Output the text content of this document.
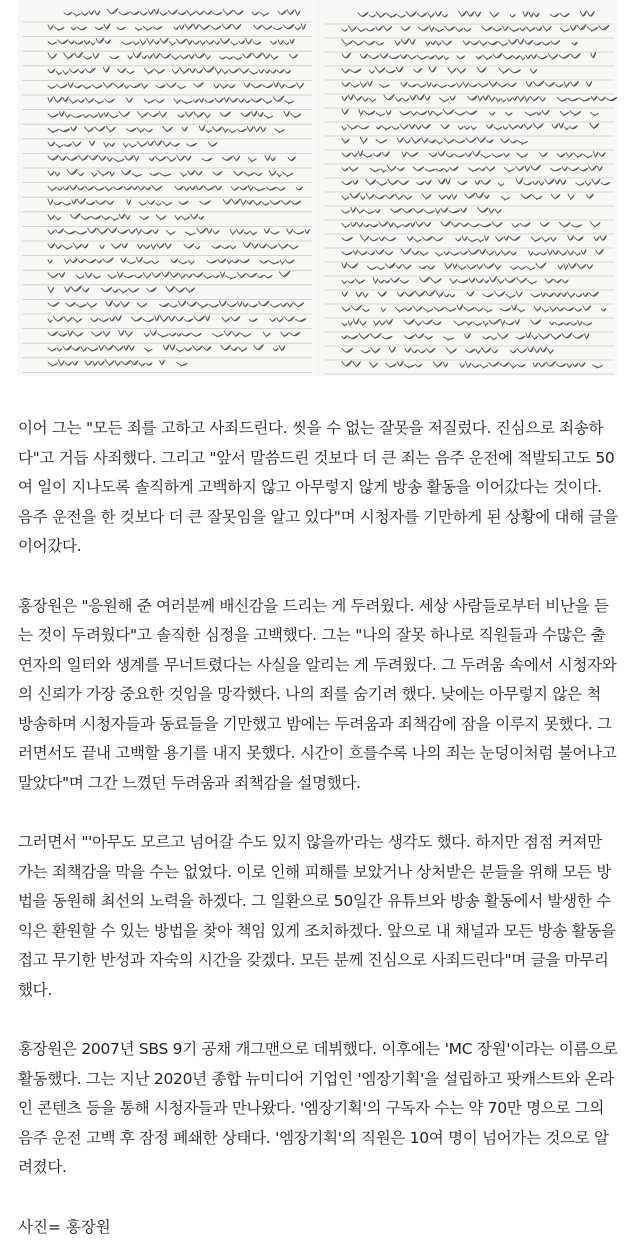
이어 그는 "모든 죄를 고하고 사죄드린다. 씻을 수 없는 잘못을 저질렀다. 진심으로 죄송하다"고 거듭 사죄했다. 그리고 "앞서 말씀드린 것보다 더 큰 죄는 음주 운전에 적발되고도 50여 일이 지나도록 솔직하게 고백하지 않고 아무렇지 않게 방송 활동을 이어갔다는 것이다. 음주 운전을 한 것보다 더 큰 잘못임을 알고 있다"며 시청자를 기만하게 된 상황에 대해 글을 이어갔다.

홍장원은 "응원해 준 여러분께 배신감을 드리는 게 두려웠다. 세상 사람들로부터 비난을 듣는 것이 두려웠다"고 솔직한 심정을 고백했다. 그는 "나의 잘못 하나로 직원들과 수많은 출연자의 일터와 생계를 무너트렸다는 사실을 알리는 게 두려웠다. 그 두려움 속에서 시청자와의 신뢰가 가장 중요한 것임을 망각했다. 나의 죄를 숨기려 했다. 낮에는 아무렇지 않은 척 방송하며 시청자들과 동료들을 기만했고 밤에는 두려움과 죄책감에 잠을 이루지 못했다. 그러면서도 끝내 고백할 용기를 내지 못했다. 시간이 흐를수록 나의 죄는 눈덩이처럼 불어나고 말았다"며 그간 느꼈던 두려움과 죄책감을 설명했다.

그러면서 "'아무도 모르고 넘어갈 수도 있지 않을까'라는 생각도 했다. 하지만 점점 커져만 가는 죄책감을 막을 수는 없었다. 이로 인해 피해를 보았거나 상처받은 분들을 위해 모든 방법을 동원해 최선의 노력을 하겠다. 그 일환으로 50일간 유튜브와 방송 활동에서 발생한 수익은 환원할 수 있는 방법을 찾아 책임 있게 조치하겠다. 앞으로 내 채널과 모든 방송 활동을 접고 무기한 반성과 자숙의 시간을 갖겠다. 모든 분께 진심으로 사죄드린다"며 글을 마무리했다.

홍장원은 2007년 SBS 9기 공채 개그맨으로 데뷔했다. 이후에는 'MC 장원'이라는 이름으로 활동했다. 그는 지난 2020년 종합 뉴미디어 기업인 '엠장기획'을 설립하고 팟캐스트와 온라인 콘텐츠 등을 통해 시청자들과 만나왔다. '엠장기획'의 구독자 수는 약 70만 명으로 그의 음주 운전 고백 후 잠정 폐쇄한 상태다. '엠장기획'의 직원은 10여 명이 넘어가는 것으로 알려졌다.

사진= 홍장원
